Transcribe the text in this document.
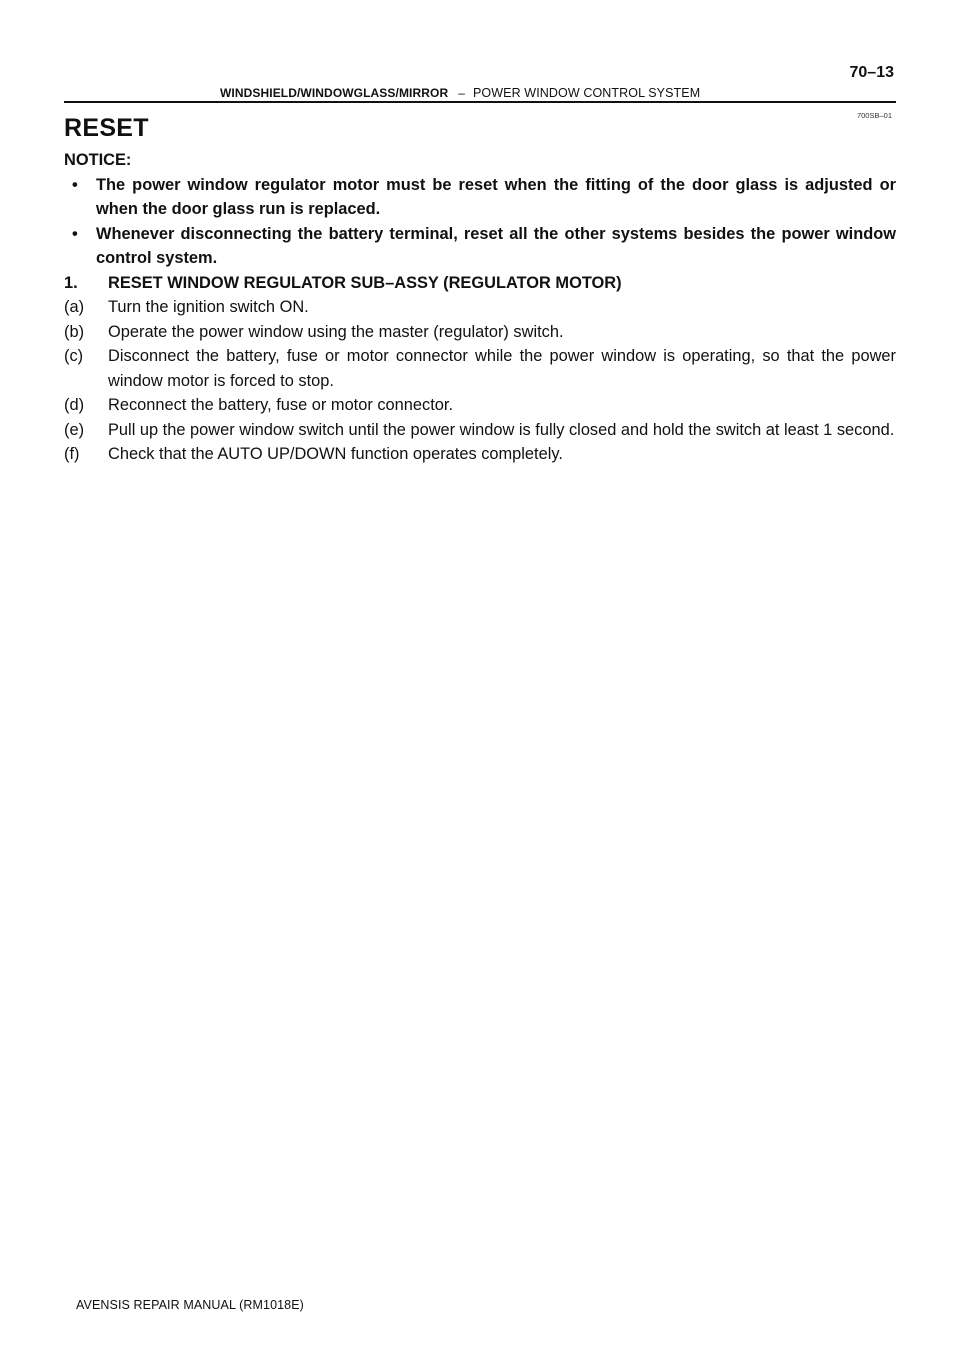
WINDSHIELD/WINDOWGLASS/MIRROR – POWER WINDOW CONTROL SYSTEM
70–13
700SB–01
RESET
NOTICE:
•	The power window regulator motor must be reset when the fitting of the door glass is adjusted or when the door glass run is replaced.
•	Whenever disconnecting the battery terminal, reset all the other systems besides the power window control system.
1.	RESET WINDOW REGULATOR SUB–ASSY (REGULATOR MOTOR)
(a)	Turn the ignition switch ON.
(b)	Operate the power window using the master (regulator) switch.
(c)	Disconnect the battery, fuse or motor connector while the power window is operating, so that the power window motor is forced to stop.
(d)	Reconnect the battery, fuse or motor connector.
(e)	Pull up the power window switch until the power window is fully closed and hold the switch at least 1 second.
(f)	Check that the AUTO UP/DOWN function operates completely.
AVENSIS REPAIR MANUAL (RM1018E)
